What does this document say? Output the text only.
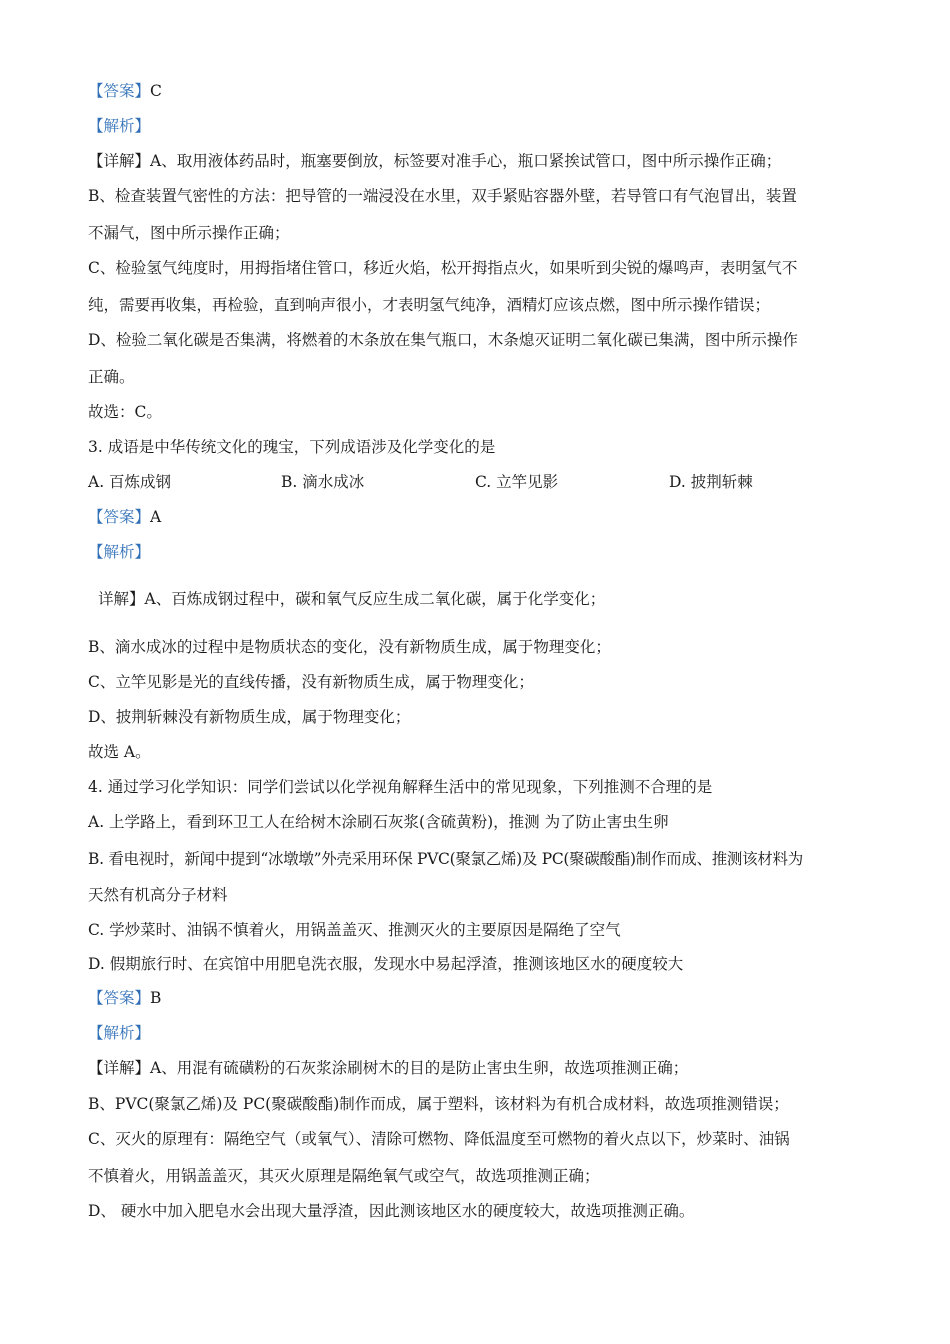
【答案】C
【解析】
【详解】A、取用液体药品时，瓶塞要倒放，标签要对准手心，瓶口紧挨试管口，图中所示操作正确；
B、检查装置气密性的方法：把导管的一端浸没在水里，双手紧贴容器外壁，若导管口有气泡冒出，装置
不漏气，图中所示操作正确；
C、检验氢气纯度时，用拇指堵住管口，移近火焰，松开拇指点火，如果听到尖锐的爆鸣声，表明氢气不
纯，需要再收集，再检验，直到响声很小，才表明氢气纯净，酒精灯应该点燃，图中所示操作错误；
D、检验二氧化碳是否集满，将燃着的木条放在集气瓶口，木条熄灭证明二氧化碳已集满，图中所示操作
正确。
故选：C。
3. 成语是中华传统文化的瑰宝，下列成语涉及化学变化的是
A. 百炼成钢	B. 滴水成冰	C. 立竿见影	D. 披荆斩棘
【答案】A
【解析】
详解】A、百炼成钢过程中，碳和氧气反应生成二氧化碳，属于化学变化；
B、滴水成冰的过程中是物质状态的变化，没有新物质生成，属于物理变化；
C、立竿见影是光的直线传播，没有新物质生成，属于物理变化；
D、披荆斩棘没有新物质生成，属于物理变化；
故选 A。
4. 通过学习化学知识：同学们尝试以化学视角解释生活中的常见现象，下列推测不合理的是
A. 上学路上，看到环卫工人在给树木涂刷石灰浆(含硫黄粉)，推测 为了防止害虫生卵
B. 看电视时，新闻中提到“冰墩墩”外壳采用环保 PVC(聚氯乙烯)及 PC(聚碳酸酯)制作而成、推测该材料为
天然有机高分子材料
C. 学炒菜时、油锅不慎着火，用锅盖盖灭、推测灭火的主要原因是隔绝了空气
D. 假期旅行时、在宾馆中用肥皂洗衣服，发现水中易起浮渣，推测该地区水的硬度较大
【答案】B
【解析】
【详解】A、用混有硫磺粉的石灰浆涂刷树木的目的是防止害虫生卵，故选项推测正确；
B、PVC(聚氯乙烯)及 PC(聚碳酸酯)制作而成，属于塑料，该材料为有机合成材料，故选项推测错误；
C、灭火的原理有：隔绝空气（或氧气）、清除可燃物、降低温度至可燃物的着火点以下，炒菜时、油锅
不慎着火，用锅盖盖灭，其灭火原理是隔绝氧气或空气，故选项推测正确；
D、 硬水中加入肥皂水会出现大量浮渣，因此测该地区水的硬度较大，故选项推测正确。
